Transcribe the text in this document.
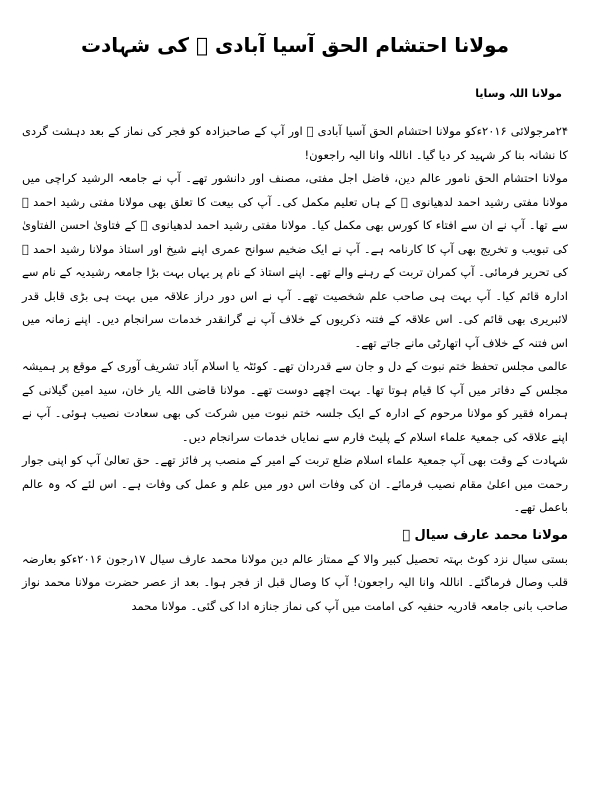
مولانا احتشام الحق آسیا آبادی ﷫ کی شہادت
مولانا اللہ وسایا

۲۴مرجولائی ۲۰۱۶ءکو مولانا احتشام الحق آسیا آبادی ﷫ اور آپ کے صاحبزادہ کو فجر کی نماز کے بعد دہشت گردی کا نشانہ بنا کر شہید کر دیا گیا۔ اناللہ وانا الیہ راجعون!

مولانا احتشام الحق نامور عالم دین، فاضل اجل مفتی، مصنف اور دانشور تھے۔ آپ نے جامعہ الرشید کراچی میں مولانا مفتی رشید احمد لدھیانوی ﷫ کے ہاں تعلیم مکمل کی۔ آپ کی بیعت کا تعلق بھی مولانا مفتی رشید احمد ﷫ سے تھا۔ آپ نے ان سے افتاء کا کورس بھی مکمل کیا۔ مولانا مفتی رشید احمد لدھیانوی ﷫ کے فتاویٰ احسن الفتاویٰ کی تبویب و تخریج بھی آپ کا کارنامہ ہے۔ آپ نے ایک ضخیم سوانح عمری اپنے شیخ اور استاذ مولانا رشید احمد ﷫ کی تحریر فرمائی۔ آپ کمران تربت کے رہنے والے تھے۔ اپنے استاذ کے نام پر یہاں بہت بڑا جامعہ رشیدیہ کے نام سے ادارہ قائم کیا۔ آپ بہت ہی صاحب علم شخصیت تھے۔ آپ نے اس دور دراز علاقہ میں بہت ہی بڑی قابل قدر لائبریری بھی قائم کی۔ اس علاقہ کے فتنہ ذکریوں کے خلاف آپ نے گرانقدر خدمات سرانجام دیں۔ اپنے زمانہ میں اس فتنہ کے خلاف آپ اتھارٹی مانے جاتے تھے۔

عالمی مجلس تحفظ ختم نبوت کے دل و جان سے قدردان تھے۔ کوئٹہ یا اسلام آباد تشریف آوری کے موقع پر ہمیشہ مجلس کے دفاتر میں آپ کا قیام ہوتا تھا۔ بہت اچھے دوست تھے۔ مولانا قاضی اللہ یار خان، سید امین گیلانی کے ہمراہ فقیر کو مولانا مرحوم کے ادارہ کے ایک جلسہ ختم نبوت میں شرکت کی بھی سعادت نصیب ہوئی۔ آپ نے اپنے علاقہ کی جمعیۃ علماء اسلام کے پلیٹ فارم سے نمایاں خدمات سرانجام دیں۔

شہادت کے وقت بھی آپ جمعیۃ علماء اسلام ضلع تربت کے امیر کے منصب پر فائز تھے۔ حق تعالیٰ آپ کو اپنی جوار رحمت میں اعلیٰ مقام نصیب فرمائے۔ ان کی وفات اس دور میں علم و عمل کی وفات ہے۔ اس لئے کہ وہ عالم باعمل تھے۔

مولانا محمد عارف سیال ﷫

بستی سیال نزد کوٹ بہتہ تحصیل کبیر والا کے ممتاز عالم دین مولانا محمد عارف سیال ۱۷رجون ۲۰۱۶ءکو بعارضہ قلب وصال فرماگئے۔ اناللہ وانا الیہ راجعون! آپ کا وصال قبل از فجر ہوا۔ بعد از عصر حضرت مولانا محمد نواز صاحب بانی جامعہ قادریہ حنفیہ کی امامت میں آپ کی نماز جنازہ ادا کی گئی۔ مولانا محمد
